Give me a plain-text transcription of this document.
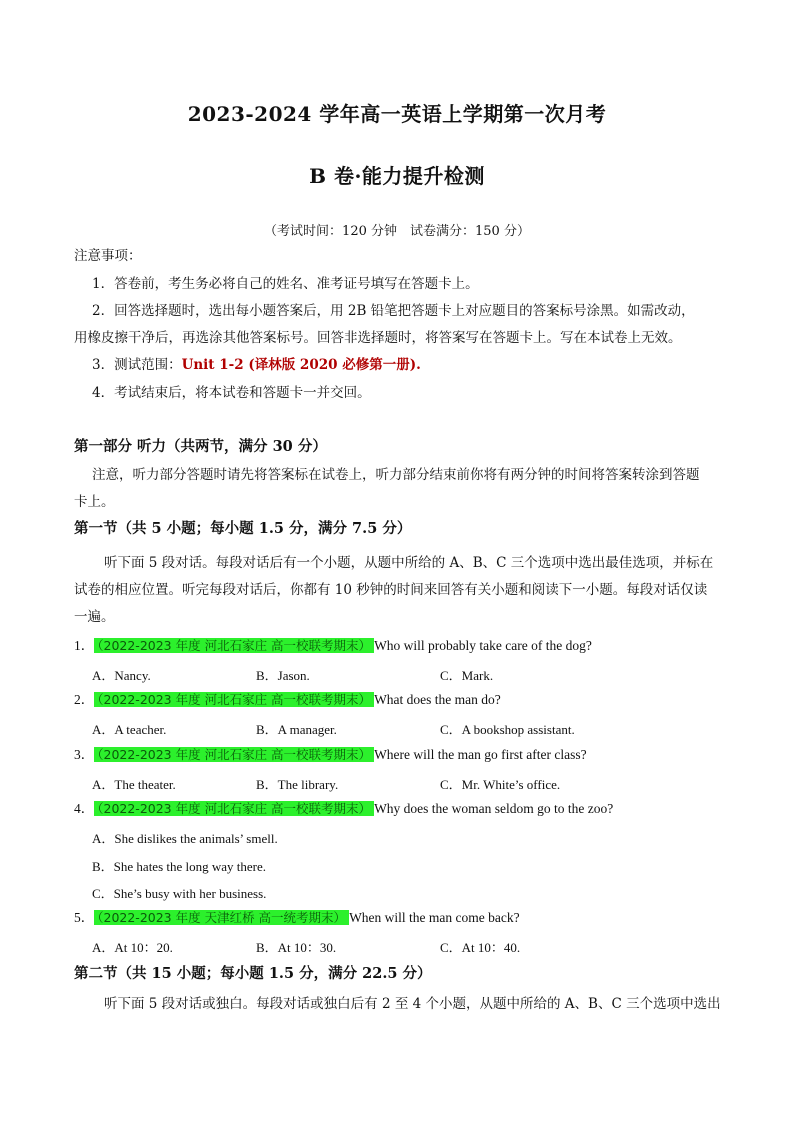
2023-2024 学年高一英语上学期第一次月考
B 卷·能力提升检测
（考试时间：120 分钟　试卷满分：150 分）
注意事项：
1．答卷前，考生务必将自己的姓名、准考证号填写在答题卡上。
2．回答选择题时，选出每小题答案后，用 2B 铅笔把答题卡上对应题目的答案标号涂黑。如需改动，
用橡皮擦干净后，再选涂其他答案标号。回答非选择题时，将答案写在答题卡上。写在本试卷上无效。
3．测试范围：Unit 1-2 (译林版 2020 必修第一册).
4．考试结束后，将本试卷和答题卡一并交回。
第一部分 听力（共两节，满分 30 分）
注意，听力部分答题时请先将答案标在试卷上，听力部分结束前你将有两分钟的时间将答案转涂到答题
卡上。
第一节（共 5 小题；每小题 1.5 分，满分 7.5 分）
听下面 5 段对话。每段对话后有一个小题，从题中所给的 A、B、C 三个选项中选出最佳选项，并标在
试卷的相应位置。听完每段对话后，你都有 10 秒钟的时间来回答有关小题和阅读下一小题。每段对话仅读
一遍。
1． （2022-2023 年度 河北石家庄 高一校联考期末） Who will probably take care of the dog?
A．Nancy.	B．Jason.	C．Mark.
2． （2022-2023 年度 河北石家庄 高一校联考期末） What does the man do?
A．A teacher.	B．A manager.	C．A bookshop assistant.
3． （2022-2023 年度 河北石家庄 高一校联考期末） Where will the man go first after class?
A．The theater.	B．The library.	C．Mr. White’s office.
4． （2022-2023 年度 河北石家庄 高一校联考期末） Why does the woman seldom go to the zoo?
A．She dislikes the animals’ smell.
B．She hates the long way there.
C．She’s busy with her business.
5． （2022-2023 年度 天津红桥 高一统考期末） When will the man come back?
A．At 10：20.	B．At 10：30.	C．At 10：40.
第二节（共 15 小题；每小题 1.5 分，满分 22.5 分）
听下面 5 段对话或独白。每段对话或独白后有 2 至 4 个小题，从题中所给的 A、B、C 三个选项中选出
